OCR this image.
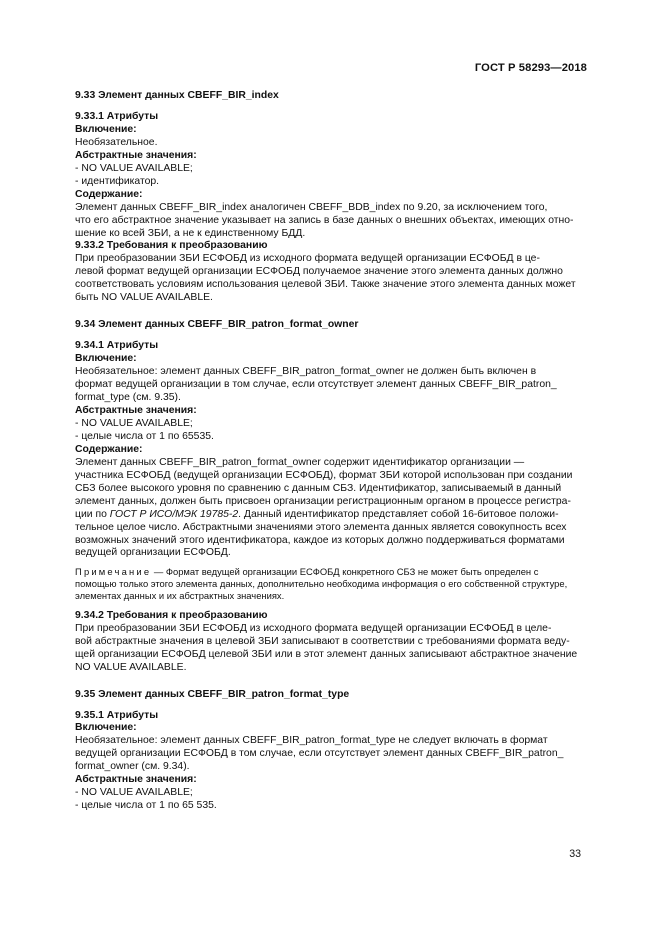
ГОСТ Р 58293—2018
9.33 Элемент данных CBEFF_BIR_index
9.33.1 Атрибуты
Включение:
Необязательное.
Абстрактные значения:
- NO VALUE AVAILABLE;
- идентификатор.
Содержание:
Элемент данных CBEFF_BIR_index аналогичен CBEFF_BDB_index по 9.20, за исключением того,
что его абстрактное значение указывает на запись в базе данных о внешних объектах, имеющих отно-
шение ко всей ЗБИ, а не к единственному БДД.
9.33.2 Требования к преобразованию
При преобразовании ЗБИ ЕСФОБД из исходного формата ведущей организации ЕСФОБД в це-
левой формат ведущей организации ЕСФОБД получаемое значение этого элемента данных должно
соответствовать условиям использования целевой ЗБИ. Также значение этого элемента данных может
быть NO VALUE AVAILABLE.
9.34 Элемент данных CBEFF_BIR_patron_format_owner
9.34.1 Атрибуты
Включение:
Необязательное: элемент данных CBEFF_BIR_patron_format_owner не должен быть включен в
формат ведущей организации в том случае, если отсутствует элемент данных CBEFF_BIR_patron_
format_type (см. 9.35).
Абстрактные значения:
- NO VALUE AVAILABLE;
- целые числа от 1 по 65535.
Содержание:
Элемент данных CBEFF_BIR_patron_format_owner содержит идентификатор организации —
участника ЕСФОБД (ведущей организации ЕСФОБД), формат ЗБИ которой использован при создании
СБЗ более высокого уровня по сравнению с данным СБЗ. Идентификатор, записываемый в данный
элемент данных, должен быть присвоен организации регистрационным органом в процессе регистра-
ции по ГОСТ Р ИСО/МЭК 19785-2. Данный идентификатор представляет собой 16-битовое положи-
тельное целое число. Абстрактными значениями этого элемента данных является совокупность всех
возможных значений этого идентификатора, каждое из которых должно поддерживаться форматами
ведущей организации ЕСФОБД.
Примечание — Формат ведущей организации ЕСФОБД конкретного СБЗ не может быть определен с
помощью только этого элемента данных, дополнительно необходима информация о его собственной структуре,
элементах данных и их абстрактных значениях.
9.34.2 Требования к преобразованию
При преобразовании ЗБИ ЕСФОБД из исходного формата ведущей организации ЕСФОБД в целе-
вой абстрактные значения в целевой ЗБИ записывают в соответствии с требованиями формата веду-
щей организации ЕСФОБД целевой ЗБИ или в этот элемент данных записывают абстрактное значение
NO VALUE AVAILABLE.
9.35 Элемент данных CBEFF_BIR_patron_format_type
9.35.1 Атрибуты
Включение:
Необязательное: элемент данных CBEFF_BIR_patron_format_type не следует включать в формат
ведущей организации ЕСФОБД в том случае, если отсутствует элемент данных CBEFF_BIR_patron_
format_owner (см. 9.34).
Абстрактные значения:
- NO VALUE AVAILABLE;
- целые числа от 1 по 65 535.
33
